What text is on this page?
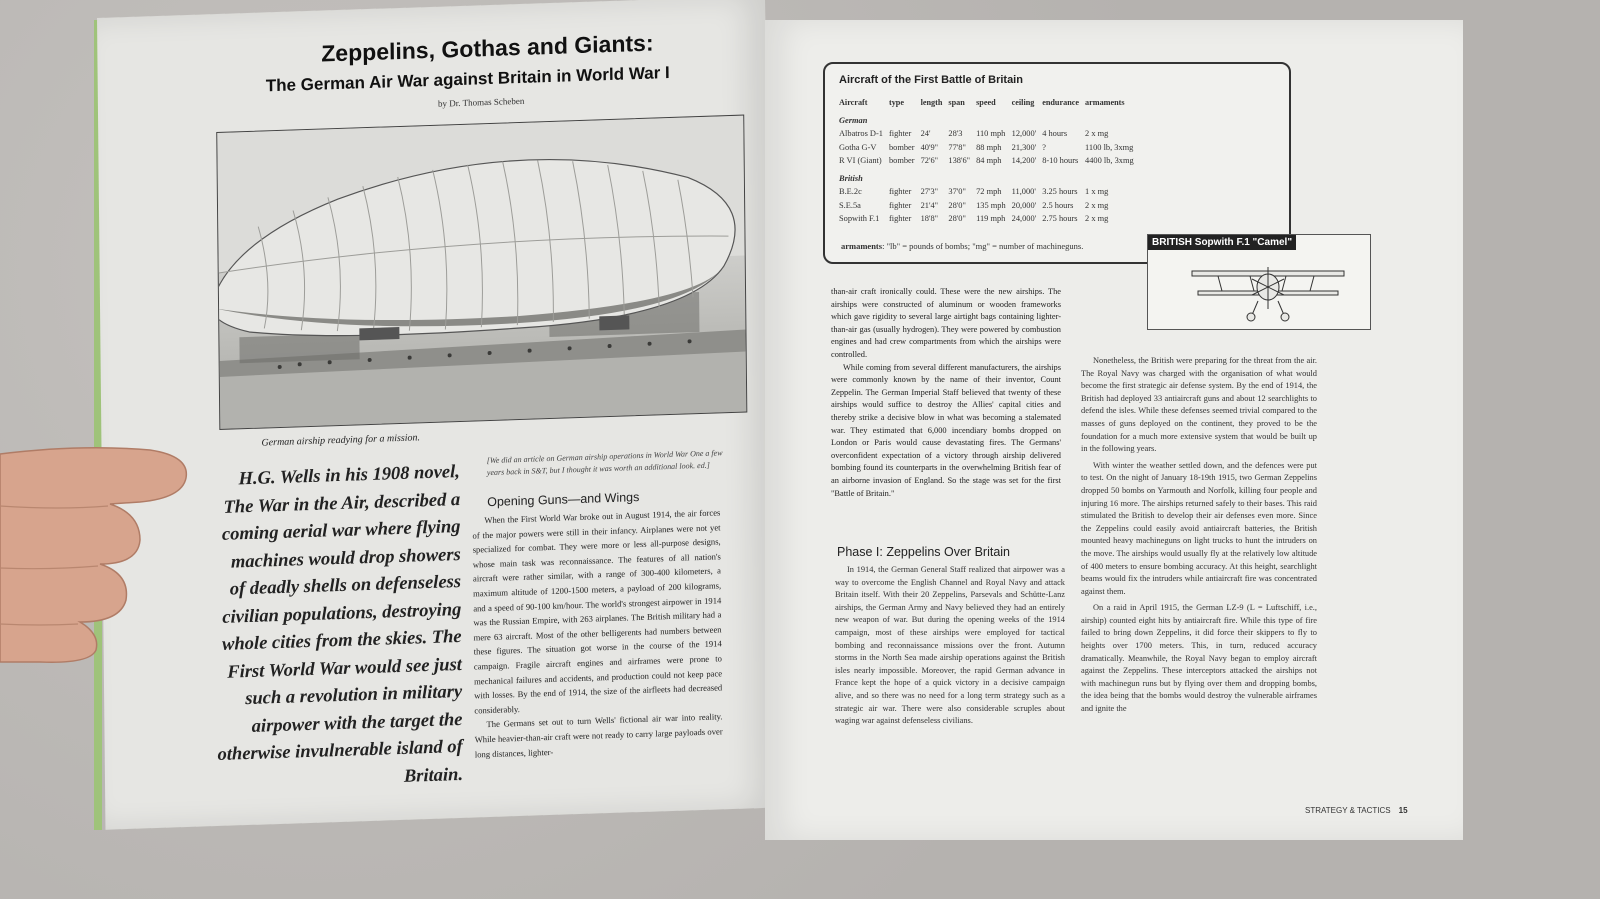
Zeppelins, Gothas and Giants:
The German Air War against Britain in World War I
by Dr. Thomas Scheben
German airship readying for a mission.
H.G. Wells in his 1908 novel,
The War in the Air, described a
coming aerial war where flying
machines would drop showers
of deadly shells on defenseless
civilian populations, destroying
whole cities from the skies. The
First World War would see just
such a revolution in military
airpower with the target the
otherwise invulnerable island of
Britain.
[We did an article on German airship operations in World War One a few years back in S&T, but I thought it was worth an additional look. ed.]
Opening Guns—and Wings

When the First World War broke out in August 1914, the air forces of the major powers were still in their infancy. Airplanes were not yet specialized for combat. They were more or less all-purpose designs, whose main task was reconnaissance. The features of all nation's aircraft were rather similar, with a range of 300-400 kilometers, a maximum altitude of 1200-1500 meters, a payload of 200 kilograms, and a speed of 90-100 km/hour. The world's strongest airpower in 1914 was the Russian Empire, with 263 airplanes. The British military had a mere 63 aircraft. Most of the other belligerents had numbers between these figures. The situation got worse in the course of the 1914 campaign. Fragile aircraft engines and airframes were prone to mechanical failures and accidents, and production could not keep pace with losses. By the end of 1914, the size of the airfleets had decreased considerably.

The Germans set out to turn Wells' fictional air war into reality. While heavier-than-air craft were not ready to carry large payloads over long distances, lighter-

Aircraft of the First Battle of Britain
Aircraft	type	length	span	speed	ceiling	endurance	armaments
German							
Albatros D-1	fighter	24'	28'3	110 mph	12,000'	4 hours	2 x mg
Gotha G-V	bomber	40'9"	77'8"	88 mph	21,300'	?	1100 lb, 3xmg
R VI (Giant)	bomber	72'6"	138'6"	84 mph	14,200'	8-10 hours	4400 lb, 3xmg
British							
B.E.2c	fighter	27'3"	37'0"	72 mph	11,000'	3.25 hours	1 x mg
S.E.5a	fighter	21'4"	28'0"	135 mph	20,000'	2.5 hours	2 x mg
Sopwith F.1	fighter	18'8"	28'0"	119 mph	24,000'	2.75 hours	2 x mg
armaments: "lb" = pounds of bombs; "mg" = number of machineguns.	BRITISH Sopwith F.1 "Camel"

than-air craft ironically could. These were the new airships. The airships were constructed of aluminum or wooden frameworks which gave rigidity to several large airtight bags containing lighter-than-air gas (usually hydrogen). They were powered by combustion engines and had crew compartments from which the airships were controlled.

While coming from several different manufacturers, the airships were commonly known by the name of their inventor, Count Zeppelin. The German Imperial Staff believed that twenty of these airships would suffice to destroy the Allies' capital cities and thereby strike a decisive blow in what was becoming a stalemated war. They estimated that 6,000 incendiary bombs dropped on London or Paris would cause devastating fires. The Germans' overconfident expectation of a victory through airship delivered bombing found its counterparts in the overwhelming British fear of an airborne invasion of England. So the stage was set for the first "Battle of Britain."

Phase I: Zeppelins Over Britain

In 1914, the German General Staff realized that airpower was a way to overcome the English Channel and Royal Navy and attack Britain itself. With their 20 Zeppelins, Parsevals and Schütte-Lanz airships, the German Army and Navy believed they had an entirely new weapon of war. But during the opening weeks of the 1914 campaign, most of these airships were employed for tactical bombing and reconnaissance missions over the front. Autumn storms in the North Sea made airship operations against the British isles nearly impossible. Moreover, the rapid German advance in France kept the hope of a quick victory in a decisive campaign alive, and so there was no need for a long term strategy such as a strategic air war. There were also considerable scruples about waging war against defenseless civilians.

Nonetheless, the British were preparing for the threat from the air. The Royal Navy was charged with the organisation of what would become the first strategic air defense system. By the end of 1914, the British had deployed 33 antiaircraft guns and about 12 searchlights to defend the isles. While these defenses seemed trivial compared to the masses of guns deployed on the continent, they proved to be the foundation for a much more extensive system that would be built up in the following years.

With winter the weather settled down, and the defences were put to test. On the night of January 18-19th 1915, two German Zeppelins dropped 50 bombs on Yarmouth and Norfolk, killing four people and injuring 16 more. The airships returned safely to their bases. This raid stimulated the British to develop their air defenses even more. Since the Zeppelins could easily avoid antiaircraft batteries, the British mounted heavy machineguns on light trucks to hunt the intruders on the move. The airships would usually fly at the relatively low altitude of 400 meters to ensure bombing accuracy. At this height, searchlight beams would fix the intruders while antiaircraft fire was concentrated against them.

On a raid in April 1915, the German LZ-9 (L = Luftschiff, i.e., airship) counted eight hits by antiaircraft fire. While this type of fire failed to bring down Zeppelins, it did force their skippers to fly to heights over 1700 meters. This, in turn, reduced accuracy dramatically. Meanwhile, the Royal Navy began to employ aircraft against the Zeppelins. These interceptors attacked the airships not with machinegun runs but by flying over them and dropping bombs, the idea being that the bombs would destroy the vulnerable airframes and ignite the

STRATEGY & TACTICS 15
